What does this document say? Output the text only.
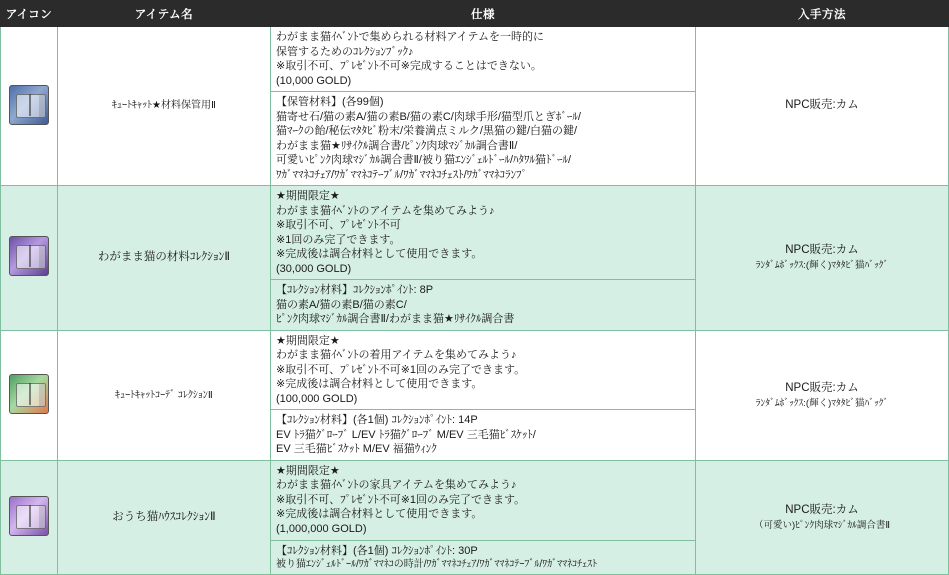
アイコン	アイテム名	仕様	入手方法
	ｷｭｰﾄｷｬｯﾄ★材料保管用Ⅱ	
わがまま猫ｲﾍﾞﾝﾄで集められる材料アイテムを一時的に
保管するためのｺﾚｸｼｮﾝﾌﾞｯｸ♪
※取引不可、ﾌﾟﾚｾﾞﾝﾄ不可※完成することはできない。
(10,000 GOLD)

【保管材料】(各99個)
猫寄せ石/猫の素A/猫の素B/猫の素C/肉球手形/猫型爪とぎﾎﾞｰﾙ/
猫ﾏｰｸの飴/秘伝ﾏﾀﾀﾋﾞ粉末/栄養満点ミルク/黒猫の鍵/白猫の鍵/
わがまま猫★ﾘｻｲｸﾙ調合書/ﾋﾟﾝｸ肉球ﾏｼﾞｶﾙ調合書Ⅱ/
可愛いﾋﾟﾝｸ肉球ﾏｼﾞｶﾙ調合書Ⅱ/被り猫ｴﾝｼﾞｪﾙﾄﾞｰﾙ/ﾊﾀﾜﾙ猫ﾄﾞｰﾙ/
ﾜｶﾞﾏﾏﾈｺﾁｪｱ/ﾜｶﾞﾏﾏﾈｺﾃｰﾌﾞﾙ/ﾜｶﾞﾏﾏﾈｺﾁｪｽﾄ/ﾜｶﾞﾏﾏﾈｺﾗﾝﾌﾟ
	NPC販売:カム
	わがまま猫の材料ｺﾚｸｼｮﾝⅡ	
★期間限定★
わがまま猫ｲﾍﾞﾝﾄのアイテムを集めてみよう♪
※取引不可、ﾌﾟﾚｾﾞﾝﾄ不可
※1回のみ完了できます。
※完成後は調合材料として使用できます。
(30,000 GOLD)

【ｺﾚｸｼｮﾝ材料】ｺﾚｸｼｮﾝﾎﾟｲﾝﾄ: 8P
猫の素A/猫の素B/猫の素C/
ﾋﾟﾝｸ肉球ﾏｼﾞｶﾙ調合書Ⅱ/わがまま猫★ﾘｻｲｸﾙ調合書
	NPC販売:カム
ﾗﾝﾀﾞﾑﾎﾞｯｸｽ:(輝く)ﾏﾀﾀﾋﾞ猫ﾊﾞｯｸﾞ

	ｷｭｰﾄｷｬｯﾄｺｰﾃﾞ ｺﾚｸｼｮﾝⅡ	
★期間限定★
わがまま猫ｲﾍﾞﾝﾄの着用アイテムを集めてみよう♪
※取引不可、ﾌﾟﾚｾﾞﾝﾄ不可※1回のみ完了できます。
※完成後は調合材料として使用できます。
(100,000 GOLD)

【ｺﾚｸｼｮﾝ材料】(各1個) ｺﾚｸｼｮﾝﾎﾟｲﾝﾄ: 14P
EV ﾄﾗ猫ｸﾞﾛｰﾌﾞ L/EV ﾄﾗ猫ｸﾞﾛｰﾌﾞ M/EV 三毛猫ﾋﾞｽｹｯﾄ/
EV 三毛猫ﾋﾞｽｹｯﾄ M/EV 福猫ｳｨﾝｸ
	NPC販売:カム
ﾗﾝﾀﾞﾑﾎﾞｯｸｽ:(輝く)ﾏﾀﾀﾋﾞ猫ﾊﾞｯｸﾞ

	おうち猫ﾊｳｽｺﾚｸｼｮﾝⅡ	
★期間限定★
わがまま猫ｲﾍﾞﾝﾄの家具アイテムを集めてみよう♪
※取引不可、ﾌﾟﾚｾﾞﾝﾄ不可※1回のみ完了できます。
※完成後は調合材料として使用できます。
(1,000,000 GOLD)

【ｺﾚｸｼｮﾝ材料】(各1個) ｺﾚｸｼｮﾝﾎﾟｲﾝﾄ: 30P
被り猫ｴﾝｼﾞｪﾙﾄﾞｰﾙ/ﾜｶﾞﾏﾏﾈｺの時計/ﾜｶﾞﾏﾏﾈｺﾁｪｱ/ﾜｶﾞﾏﾏﾈｺﾃｰﾌﾞﾙ/ﾜｶﾞﾏﾏﾈｺﾁｪｽﾄ
	NPC販売:カム
（可愛い)ﾋﾟﾝｸ肉球ﾏｼﾞｶﾙ調合書Ⅱ
